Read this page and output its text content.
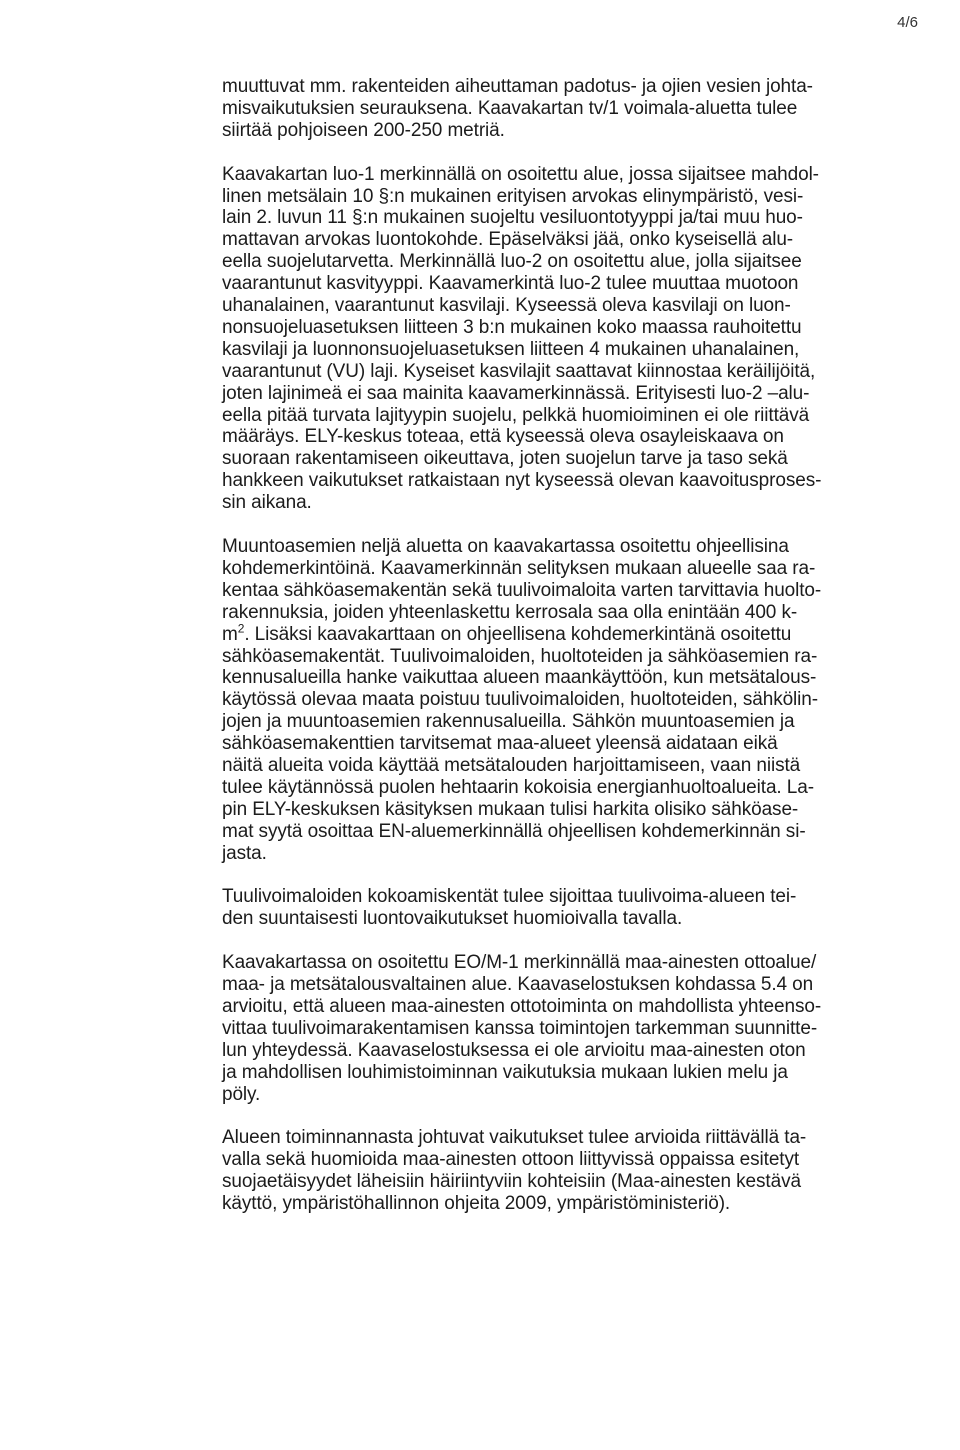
4/6
muuttuvat mm. rakenteiden aiheuttaman padotus- ja ojien vesien johta-
misvaikutuksien seurauksena. Kaavakartan tv/1 voimala-aluetta tulee
siirtää pohjoiseen 200-250 metriä.
Kaavakartan luo-1 merkinnällä on osoitettu alue, jossa sijaitsee mahdol-
linen metsälain 10 §:n mukainen erityisen arvokas elinympäristö, vesi-
lain 2. luvun 11 §:n mukainen suojeltu vesiluontotyyppi ja/tai muu huo-
mattavan arvokas luontokohde. Epäselväksi jää, onko kyseisellä alu-
eella suojelutarvetta. Merkinnällä luo-2 on osoitettu alue, jolla sijaitsee
vaarantunut kasvityyppi. Kaavamerkintä luo-2 tulee muuttaa muotoon
uhanalainen, vaarantunut kasvilaji. Kyseessä oleva kasvilaji on luon-
nonsuojeluasetuksen liitteen 3 b:n mukainen koko maassa rauhoitettu
kasvilaji ja luonnonsuojeluasetuksen liitteen 4 mukainen uhanalainen,
vaarantunut (VU) laji. Kyseiset kasvilajit saattavat kiinnostaa keräilijöitä,
joten lajinimeä ei saa mainita kaavamerkinnässä. Erityisesti luo-2 –alu-
eella pitää turvata lajityypin suojelu, pelkkä huomioiminen ei ole riittävä
määräys. ELY-keskus toteaa, että kyseessä oleva osayleiskaava on
suoraan rakentamiseen oikeuttava, joten suojelun tarve ja taso sekä
hankkeen vaikutukset ratkaistaan nyt kyseessä olevan kaavoitusproses-
sin aikana.
Muuntoasemien neljä aluetta on kaavakartassa osoitettu ohjeellisina
kohdemerkintöinä. Kaavamerkinnän selityksen mukaan alueelle saa ra-
kentaa sähköasemakentän sekä tuulivoimaloita varten tarvittavia huolto-
rakennuksia, joiden yhteenlaskettu kerrosala saa olla enintään 400 k-
$m^2$. Lisäksi kaavakarttaan on ohjeellisena kohdemerkintänä osoitettu
sähköasemakentät. Tuulivoimaloiden, huoltoteiden ja sähköasemien ra-
kennusalueilla hanke vaikuttaa alueen maankäyttöön, kun metsätalous-
käytössä olevaa maata poistuu tuulivoimaloiden, huoltoteiden, sähkölin-
jojen ja muuntoasemien rakennusalueilla. Sähkön muuntoasemien ja
sähköasemakenttien tarvitsemat maa-alueet yleensä aidataan eikä
näitä alueita voida käyttää metsätalouden harjoittamiseen, vaan niistä
tulee käytännössä puolen hehtaarin kokoisia energianhuoltoalueita. La-
pin ELY-keskuksen käsityksen mukaan tulisi harkita olisiko sähköase-
mat syytä osoittaa EN-aluemerkinnällä ohjeellisen kohdemerkinnän si-
jasta.
Tuulivoimaloiden kokoamiskentät tulee sijoittaa tuulivoima-alueen tei-
den suuntaisesti luontovaikutukset huomioivalla tavalla.
Kaavakartassa on osoitettu EO/M-1 merkinnällä maa-ainesten ottoalue/
maa- ja metsätalousvaltainen alue. Kaavaselostuksen kohdassa 5.4 on
arvioitu, että alueen maa-ainesten ottotoiminta on mahdollista yhteenso-
vittaa tuulivoimarakentamisen kanssa toimintojen tarkemman suunnitte-
lun yhteydessä. Kaavaselostuksessa ei ole arvioitu maa-ainesten oton
ja mahdollisen louhimistoiminnan vaikutuksia mukaan lukien melu ja
pöly.
Alueen toiminnannasta johtuvat vaikutukset tulee arvioida riittävällä ta-
valla sekä huomioida maa-ainesten ottoon liittyvissä oppaissa esitetyt
suojaetäisyydet läheisiin häiriintyviin kohteisiin (Maa-ainesten kestävä
käyttö, ympäristöhallinnon ohjeita 2009, ympäristöministeriö).
